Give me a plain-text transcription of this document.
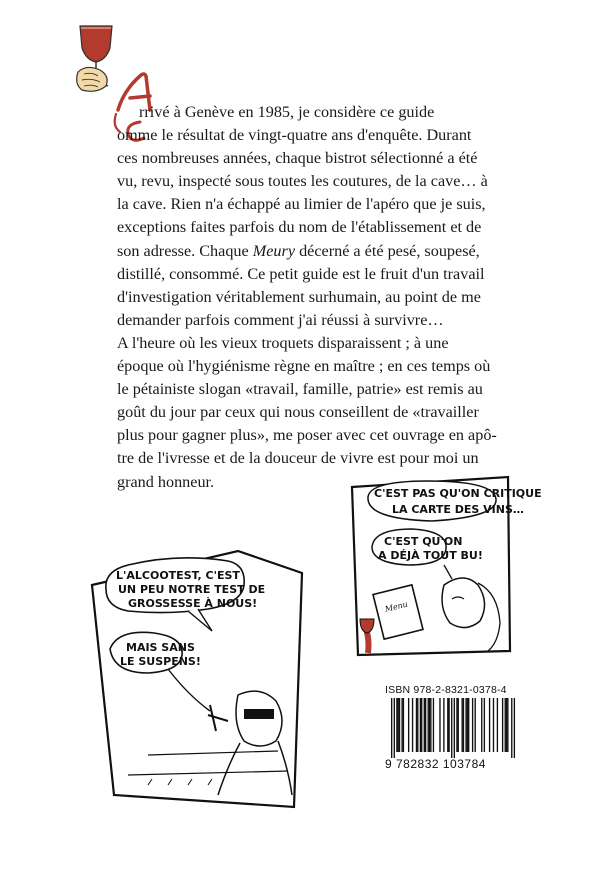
rrivé à Genève en 1985, je considère ce guide
omme le résultat de vingt-quatre ans d'enquête. Durant
ces nombreuses années, chaque bistrot sélectionné a été
vu, revu, inspecté sous toutes les coutures, de la cave… à
la cave. Rien n'a échappé au limier de l'apéro que je suis,
exceptions faites parfois du nom de l'établissement et de
son adresse. Chaque Meury décerné a été pesé, soupesé,
distillé, consommé. Ce petit guide est le fruit d'un travail
d'investigation véritablement surhumain, au point de me
demander parfois comment j'ai réussi à survivre…

A l'heure où les vieux troquets disparaissent ; à une
époque où l'hygiénisme règne en maître ; en ces temps où
le pétainiste slogan «travail, famille, patrie» est remis au
goût du jour par ceux qui nous conseillent de «travailler
plus pour gagner plus», me poser avec cet ouvrage en apô-
tre de l'ivresse et de la douceur de vivre est pour moi un
grand honneur.

L'ALCOOTEST, C'EST
UN PEU NOTRE TEST DE
GROSSESSE À NOUS!
MAIS SANS
LE SUSPENS!
C'EST PAS QU'ON CRITIQUE
LA CARTE DES VINS…
C'EST QU'ON
A DÉJÀ TOUT BU!
Menu
ISBN 978-2-8321-0378-4
9 782832 103784
